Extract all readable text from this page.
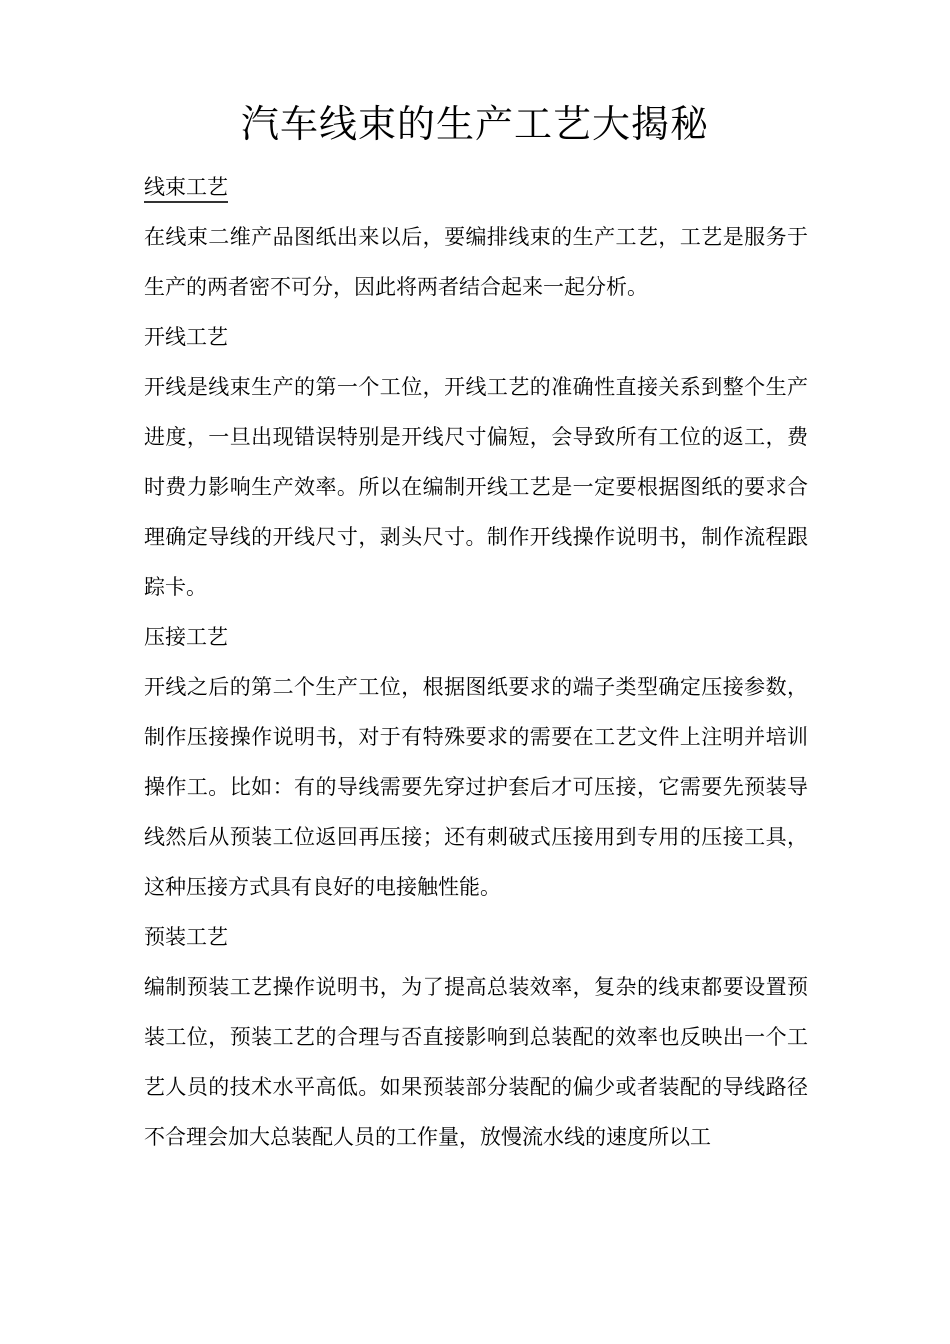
汽车线束的生产工艺大揭秘
线束工艺

在线束二维产品图纸出来以后，要编排线束的生产工艺，工艺是服务于生产的两者密不可分，因此将两者结合起来一起分析。

开线工艺

开线是线束生产的第一个工位，开线工艺的准确性直接关系到整个生产进度，一旦出现错误特别是开线尺寸偏短，会导致所有工位的返工，费时费力影响生产效率。所以在编制开线工艺是一定要根据图纸的要求合理确定导线的开线尺寸，剥头尺寸。制作开线操作说明书，制作流程跟踪卡。

压接工艺

开线之后的第二个生产工位，根据图纸要求的端子类型确定压接参数，制作压接操作说明书，对于有特殊要求的需要在工艺文件上注明并培训操作工。比如：有的导线需要先穿过护套后才可压接，它需要先预装导线然后从预装工位返回再压接；还有刺破式压接用到专用的压接工具，这种压接方式具有良好的电接触性能。

预装工艺

编制预装工艺操作说明书，为了提高总装效率，复杂的线束都要设置预装工位，预装工艺的合理与否直接影响到总装配的效率也反映出一个工艺人员的技术水平高低。如果预装部分装配的偏少或者装配的导线路径不合理会加大总装配人员的工作量，放慢流水线的速度所以工
